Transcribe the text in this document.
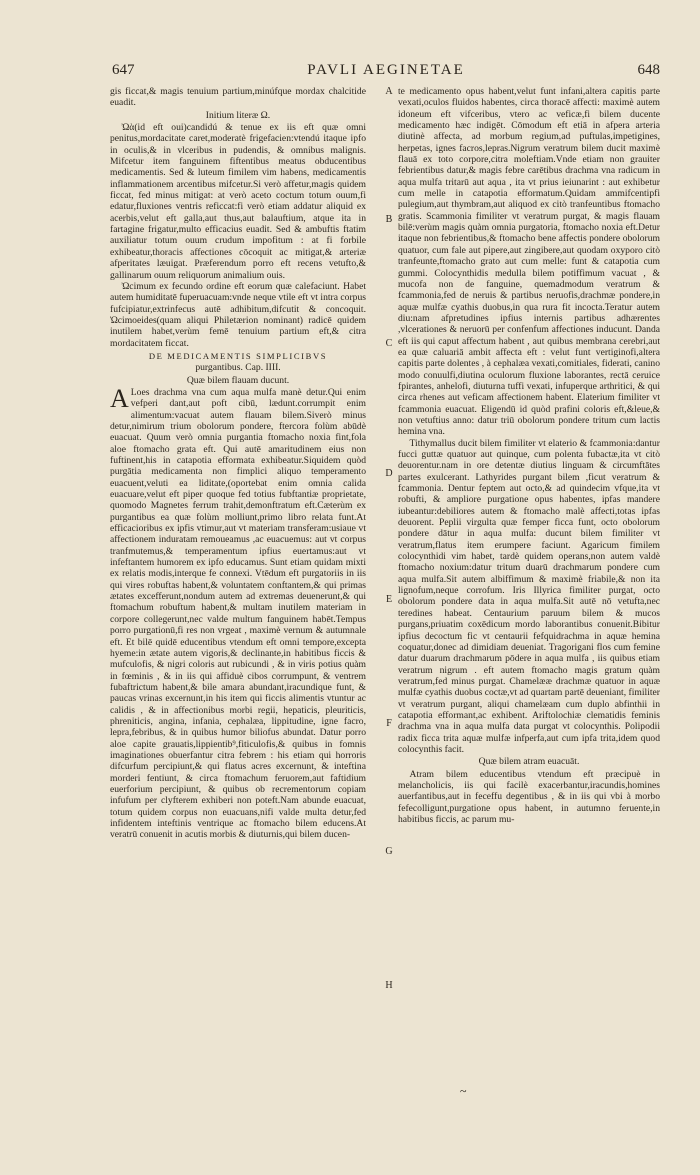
647	PAVLI AEGINETAE	648

gis ficcat,& magis tenuium partium,minúfque mordax chalcitide euadit.

Initium literæ Ω.

Ὠὰ(id eft oui)candidú & tenue ex iis eft quæ omni penitus,mordacitate caret,moderatè frigefacien:vtendú itaque ipfo in oculis,& in vlceribus in pudendis, & omnibus malignis. Mifcetur item fanguinem fiftentibus meatus obducentibus medicamentis. Sed & luteum fimilem vim habens, medicamentis inflammationem arcentibus mifcetur.Si verò affetur,magis quidem ficcat, fed minus mitigat: at verò aceto coctum totum ouum,fi edatur,fluxiones ventris reficcat:fi verò etiam addatur aliquid ex acerbis,velut eft galla,aut thus,aut balauftium, atque ita in fartagine frigatur,multo efficacius euadit. Sed & ambuftis ftatim auxiliatur totum ouum crudum impofitum : at fi forbile exhibeatur,thoracis affectiones cōcoquit ac mitigat,& arteriæ afperitates læuigat. Præferendum porro eft recens vetufto,& gallinarum ouum reliquorum animalium ouis.

Ὠcimum ex fecundo ordine eft eorum quæ calefaciunt. Habet autem humiditatē fuperuacuam:vnde neque vtile eft vt intra corpus fufcipiatur,extrinfecus autē adhibitum,difcutit & concoquit. Ὠcimoeides(quam aliqui Philetærion nominant) radicē quidem inutilem habet,verùm femē tenuium partium eft,& citra mordacitatem ficcat.

DE MEDICAMENTIS SIMPLICIBVS

purgantibus. Cap. IIII.

Quæ bilem flauam ducunt.

A Loes drachma vna cum aqua mulfa manè detur.Qui enim vefperi dant,aut poft cibū, lædunt.corrumpit enim alimentum:vacuat autem flauam bilem.Siverò minus detur,nimirum trium obolorum pondere, ftercora folùm abūdè euacuat. Quum verò omnia purgantia ftomacho noxia fint,fola aloe ftomacho grata eft. Qui autē amaritudinem eius non fuftinent,his in catapotia efformata exhibeatur.Siquidem quòd purgātia medicamenta non fimplici aliquo temperamento euacuent,veluti ea liditate,(oportebat enim omnia calida euacuare,velut eft piper quoque fed totius fubftantiæ proprietate, quomodo Magnetes ferrum trahit,demonftratum eft.Cæterùm ex purgantibus ea quæ folùm molliunt,primo libro relata funt.At efficacioribus ex ipfis vtimur,aut vt materiam transferam:usiaue vt affectionem induratam remoueamus ,ac euacuemus: aut vt corpus tranfmutemus,& temperamentum ipfius euertamus:aut vt infeftantem humorem ex ipfo educamus. Sunt etiam quidam mixti ex relatis modis,interque fe connexi. Vtēdum eft purgatoriis in iis qui vires robuftas habent,& voluntatem conftantem,& qui primas ætates excefferunt,nondum autem ad extremas deuenerunt,& qui ftomachum robuftum habent,& multam inutilem materiam in corpore collegerunt,nec valde multum fanguinem habēt.Tempus porro purgationū,fi res non vrgeat , maximè vernum & autumnale eft. Et bilē quidē educentibus vtendum eft omni tempore,excepta hyeme:in ætate autem vigoris,& declinante,in habitibus ficcis & mufculofis, & nigri coloris aut rubicundi , & in viris potius quàm in fœminis , & in iis qui affiduè cibos corrumpunt, & ventrem fubaftrictum habent,& bile amara abundant,iracundique funt, & paucas vrinas excernunt,in his item qui ficcis alimentis vtuntur ac calidis , & in affectionibus morbi regii, hepaticis, pleuriticis, phreniticis, angina, infania, cephalæa, lippitudine, igne facro, lepra,febribus, & in quibus humor biliofus abundat. Datur porro aloe capite grauatis,lippientib⁹,fiticulofis,& quibus in fomnis imaginationes obuerfantur citra febrem : his etiam qui horroris difcurfum percipiunt,& qui flatus acres excernunt, & inteftina morderi fentiunt, & circa ftomachum feruorem,aut faftidium euerforium percipiunt, & quibus ob recrementorum copiam infufum per clyfterem exhiberi non poteft.Nam abunde euacuat, totum quidem corpus non euacuans,nifi valde multa detur,fed infidentem inteftinis ventrique ac ftomacho bilem educens.At veratrū conuenit in acutis morbis & diuturnis,qui bilem ducen-

te medicamento opus habent,velut funt infani,altera capitis parte vexati,oculos fluidos habentes, circa thoracē affecti: maximè autem idoneum eft vifceribus, vtero ac veficæ,fi bilem ducente medicamento hæc indigēt. Cōmodum eft etiā in afpera arteria diutinè affecta, ad morbum regium,ad puftulas,impetigines, herpetas, ignes facros,lepras.Nigrum veratrum bilem ducit maximè flauā ex toto corpore,citra moleftiam.Vnde etiam non grauiter febrientibus datur,& magis febre carētibus drachma vna radicum in aqua mulfa tritarū aut aqua , ita vt prius ieiunarint : aut exhibetur cum melle in catapotia efformatum.Quidam ammifcentipfi pulegium,aut thymbram,aut aliquod ex citò tranfeuntibus ftomacho gratis. Scammonia fimiliter vt veratrum purgat, & magis flauam bilē:verùm magis quàm omnia purgatoria, ftomacho noxia eft.Detur itaque non febrientibus,& ftomacho bene affectis pondere obolorum quatuor, cum fale aut pipere,aut zingibere,aut quodam oxyporo citò tranfeunte,ftomacho grato aut cum melle: funt & catapotia cum gummi. Colocynthidis medulla bilem potiffimum vacuat , & mucofa non de fanguine, quemadmodum veratrum & fcammonia,fed de neruis & partibus neruofis,drachmæ pondere,in aquæ mulfæ cyathis duobus,in qua rura fit incocta.Teratur autem diu:nam afpretudines ipfius internis partibus adhærentes ,vlcerationes & neruorū per confenfum affectiones inducunt. Danda eft iis qui caput affectum habent , aut quibus membrana cerebri,aut ea quæ caluariā ambit affecta eft : velut funt vertiginofi,altera capitis parte dolentes , à cephalæa vexati,comitiales, fiderati, canino modo conuulfi,diutina oculorum fluxione laborantes, rectā ceruice fpirantes, anhelofi, diuturna tuffi vexati, infuperque arthritici, & qui circa rhenes aut veficam affectionem habent. Elaterium fimiliter vt fcammonia euacuat. Eligendū id quòd prafini coloris eft,&leue,& non vetuftius anno: datur triū obolorum pondere tritum cum lactis hemina vna.

Tithymallus ducit bilem fimiliter vt elaterio & fcammonia:dantur fucci guttæ quatuor aut quinque, cum polenta fubactæ,ita vt citò deuorentur.nam in ore detentæ diutius linguam & circumftātes partes exulcerant. Lathyrides purgant bilem ,ficut veratrum & fcammonia. Dentur feptem aut octo,& ad quindecim vfque,ita vt robufti, & ampliore purgatione opus habentes, ipfas mandere iubeantur:debiliores autem & ftomacho malè affecti,totas ipfas deuorent. Peplii virgulta quæ femper ficca funt, octo obolorum pondere dātur in aqua mulfa: ducunt bilem fimiliter vt veratrum,flatus item erumpere faciunt. Agaricum fimilem colocynthidi vim habet, tardè quidem operans,non autem valdè ftomacho noxium:datur tritum duarū drachmarum pondere cum aqua mulfa.Sit autem albiffimum & maximè friabile,& non ita lignofum,neque corrofum. Iris Illyrica fimiliter purgat, octo obolorum pondere data in aqua mulfa.Sit autē nō vetufta,nec teredines habeat. Centaurium paruum bilem & mucos purgans,priuatim coxēdicum mordo laborantibus conuenit.Bibitur ipfius decoctum fic vt centaurii fefquidrachma in aquæ hemina coquatur,donec ad dimidiam deueniat. Tragorigani flos cum femine datur duarum drachmarum pōdere in aqua mulfa , iis quibus etiam veratrum nigrum . eft autem ftomacho magis gratum quàm veratrum,fed minus purgat. Chamelææ drachmæ quatuor in aquæ mulfæ cyathis duobus coctæ,vt ad quartam partē deueniant, fimiliter vt veratrum purgant, aliqui chamelæam cum duplo abfinthii in catapotia efformant,ac exhibent. Ariftolochiæ clematidis feminis drachma vna in aqua mulfa data purgat vt colocynthis. Polipodii radix ficca trita aquæ mulfæ infperfa,aut cum ipfa trita,idem quod colocynthis facit.

Quæ bilem atram euacuāt.

Atram bilem educentibus vtendum eft præcipuè in melancholicis, iis qui facilè exacerbantur,iracundis,homines auerfantibus,aut in feceffu degentibus , & in iis qui vbi à morbo fefecolligunt,purgatione opus habent, in autumno feruente,in habitibus ficcis, ac parum mu-

A
B
C
D
E
F
G
H
~
